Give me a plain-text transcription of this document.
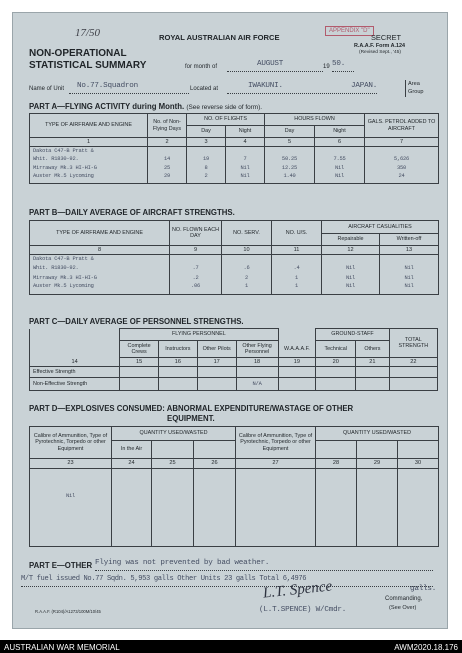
17/50	ROYAL AUSTRALIAN AIR FORCE
APPENDIX "D"
SECRET
R.A.A.F. Form A.124
(Revised Sept., '45)
NON-OPERATIONAL
STATISTICAL SUMMARY	for month of	AUGUST	19 50.
Name of Unit No.77.Squadron	Located at	IWAKUNI.	JAPAN.	Area Group
PART A—FLYING ACTIVITY during Month. (See reverse side of form).
TYPE OF AIRFRAME AND ENGINE	No. of Non-Flying Days	NO. OF FLIGHTS		HOURS FLOWN		GALS. PETROL ADDED TO AIRCRAFT
		Day	Night	Day	Night	
1	2	3	4	5	6	7
Dakota C47-B Pratt &						
Whit. R1830-92.	14	19	7	50.25	7.55	5,626
Mirraway Mk.3 HI-HI-G	25	8	Nil	12.25	Nil	350
Auster Mk.5 Lycoming	29	2	Nil	1.40	Nil	24
PART B—DAILY AVERAGE OF AIRCRAFT STRENGTHS.
TYPE OF AIRFRAME AND ENGINE	NO. FLOWN EACH DAY	NO. SERV.	NO. U/S.	AIRCRAFT CASUALITIES	
				Repairable	Written-off
8	9	10	11	12	13
Dakota C47-B Pratt &					
Whit. R1830-92.	.7	.6	.4	Nil	Nil
Mirraway Mk.3 HI-HI-G	.2	2	1	Nil	Nil
Auster Mk.5 Lycoming	.06	1	1	Nil	Nil
PART C—DAILY AVERAGE OF PERSONNEL STRENGTHS.
	FLYING PERSONNEL					GROUND-STAFF		TOTAL STRENGTH
	Complete Crews	Instructors	Other Pilots	Other Flying Personnel	W.A.A.A.F.	Technical	Others	
14	15	16	17	18	19	20	21	22
Effective Strength								
Non-Effective Strength				N/A				
PART D—EXPLOSIVES CONSUMED: ABNORMAL EXPENDITURE/WASTAGE OF OTHER
EQUIPMENT.
Calibre of Ammunition, Type of Pyrotechnic, Torpedo or other Equipment	QUANTITY USED/WASTED			Calibre of Ammunition, Type of Pyrotechnic, Torpedo or other Equipment	QUANTITY USED/WASTED		
	In the Air						
23	24	25	26	27	28	29	30

Nil							

PART E—OTHER Flying was not prevented by bad weather.
M/T fuel issued No.77 Sqdn. 5,953 galls Other Units 23 galls Total 6,4976
galls.
L.T. Spence	Commanding,
(L.T.SPENCE) W/Cmdr.	(See Over)
R.A.A.F. (R104)/A1273/100M/10/45
AUSTRALIAN WAR MEMORIAL	AWM2020.18.176
